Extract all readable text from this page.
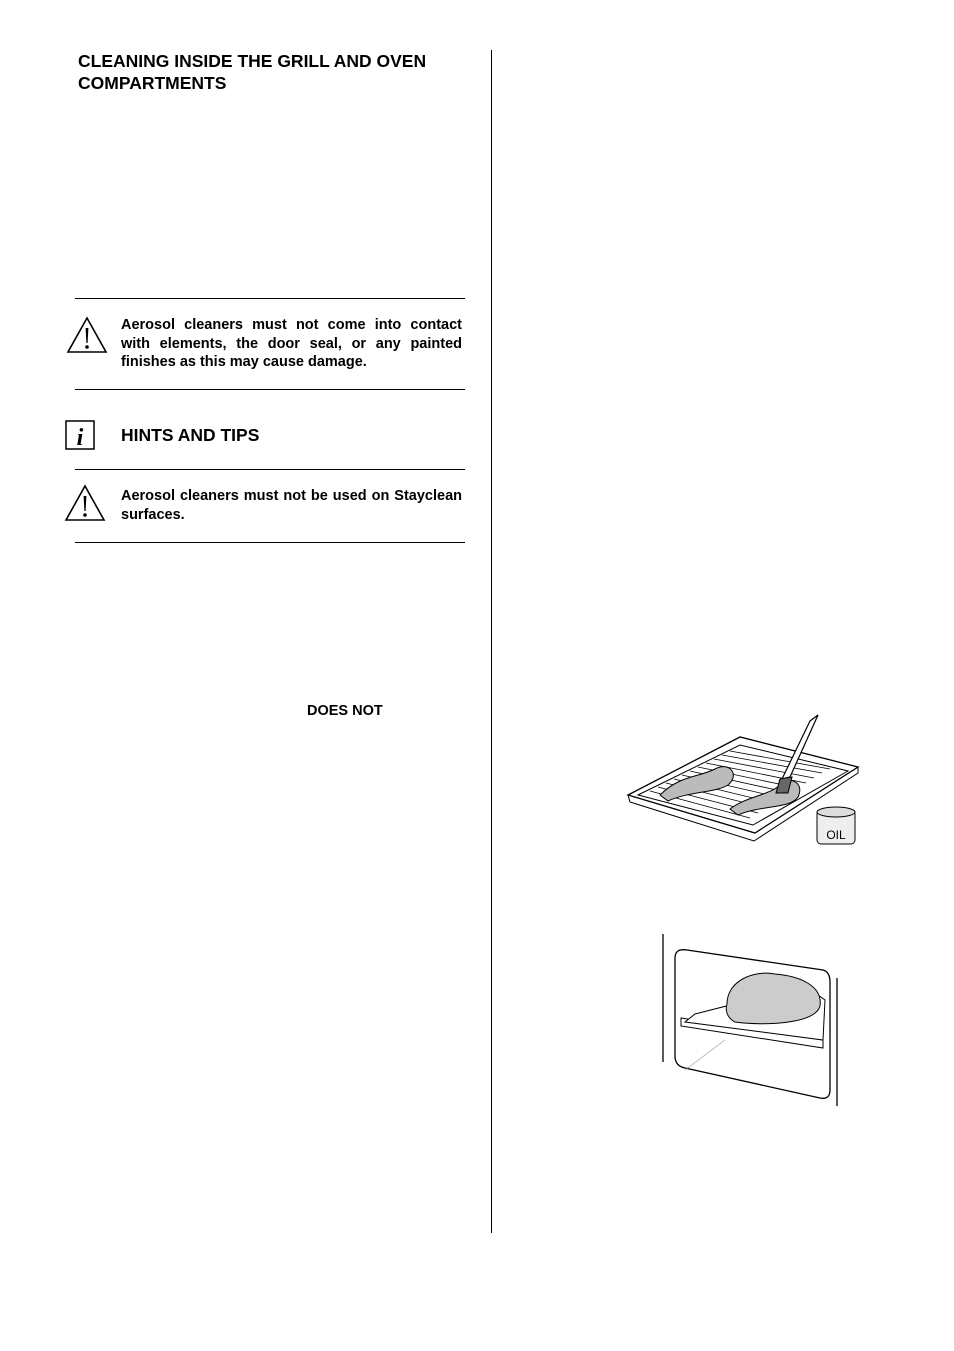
CLEANING INSIDE THE GRILL AND OVEN COMPARTMENTS
Aerosol cleaners must not come into contact with elements, the door seal, or any painted finishes as this may cause damage.
i HINTS AND TIPS
Aerosol cleaners must not be used on Stayclean surfaces.
DOES NOT
OIL
